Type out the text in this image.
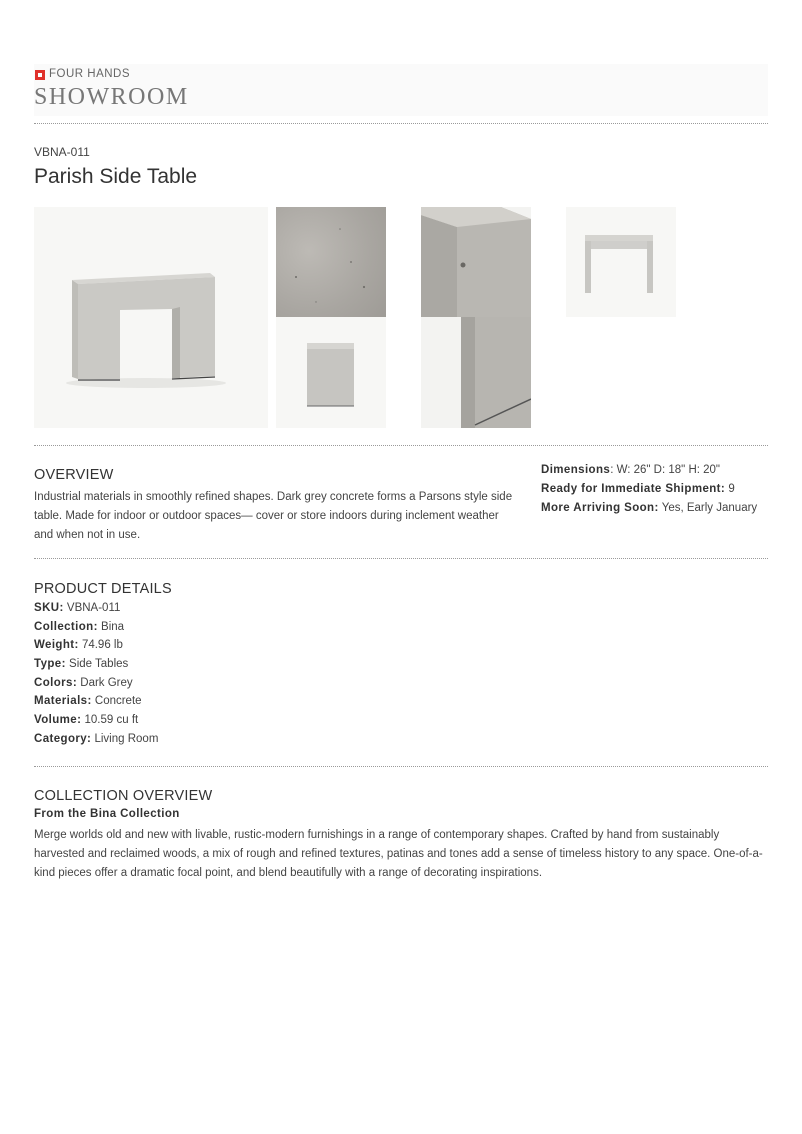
FOUR HANDS
SHOWROOM
VBNA-011
Parish Side Table
OVERVIEW
Industrial materials in smoothly refined shapes. Dark grey concrete forms a Parsons style side table. Made for indoor or outdoor spaces— cover or store indoors during inclement weather and when not in use.
Dimensions: W: 26" D: 18" H: 20"
Ready for Immediate Shipment: 9
More Arriving Soon: Yes, Early January
PRODUCT DETAILS
SKU: VBNA-011
Collection: Bina
Weight: 74.96 lb
Type: Side Tables
Colors: Dark Grey
Materials: Concrete
Volume: 10.59 cu ft
Category: Living Room
COLLECTION OVERVIEW
From the Bina Collection
Merge worlds old and new with livable, rustic-modern furnishings in a range of contemporary shapes. Crafted by hand from sustainably harvested and reclaimed woods, a mix of rough and refined textures, patinas and tones add a sense of timeless history to any space. One-of-a-kind pieces offer a dramatic focal point, and blend beautifully with a range of decorating inspirations.
